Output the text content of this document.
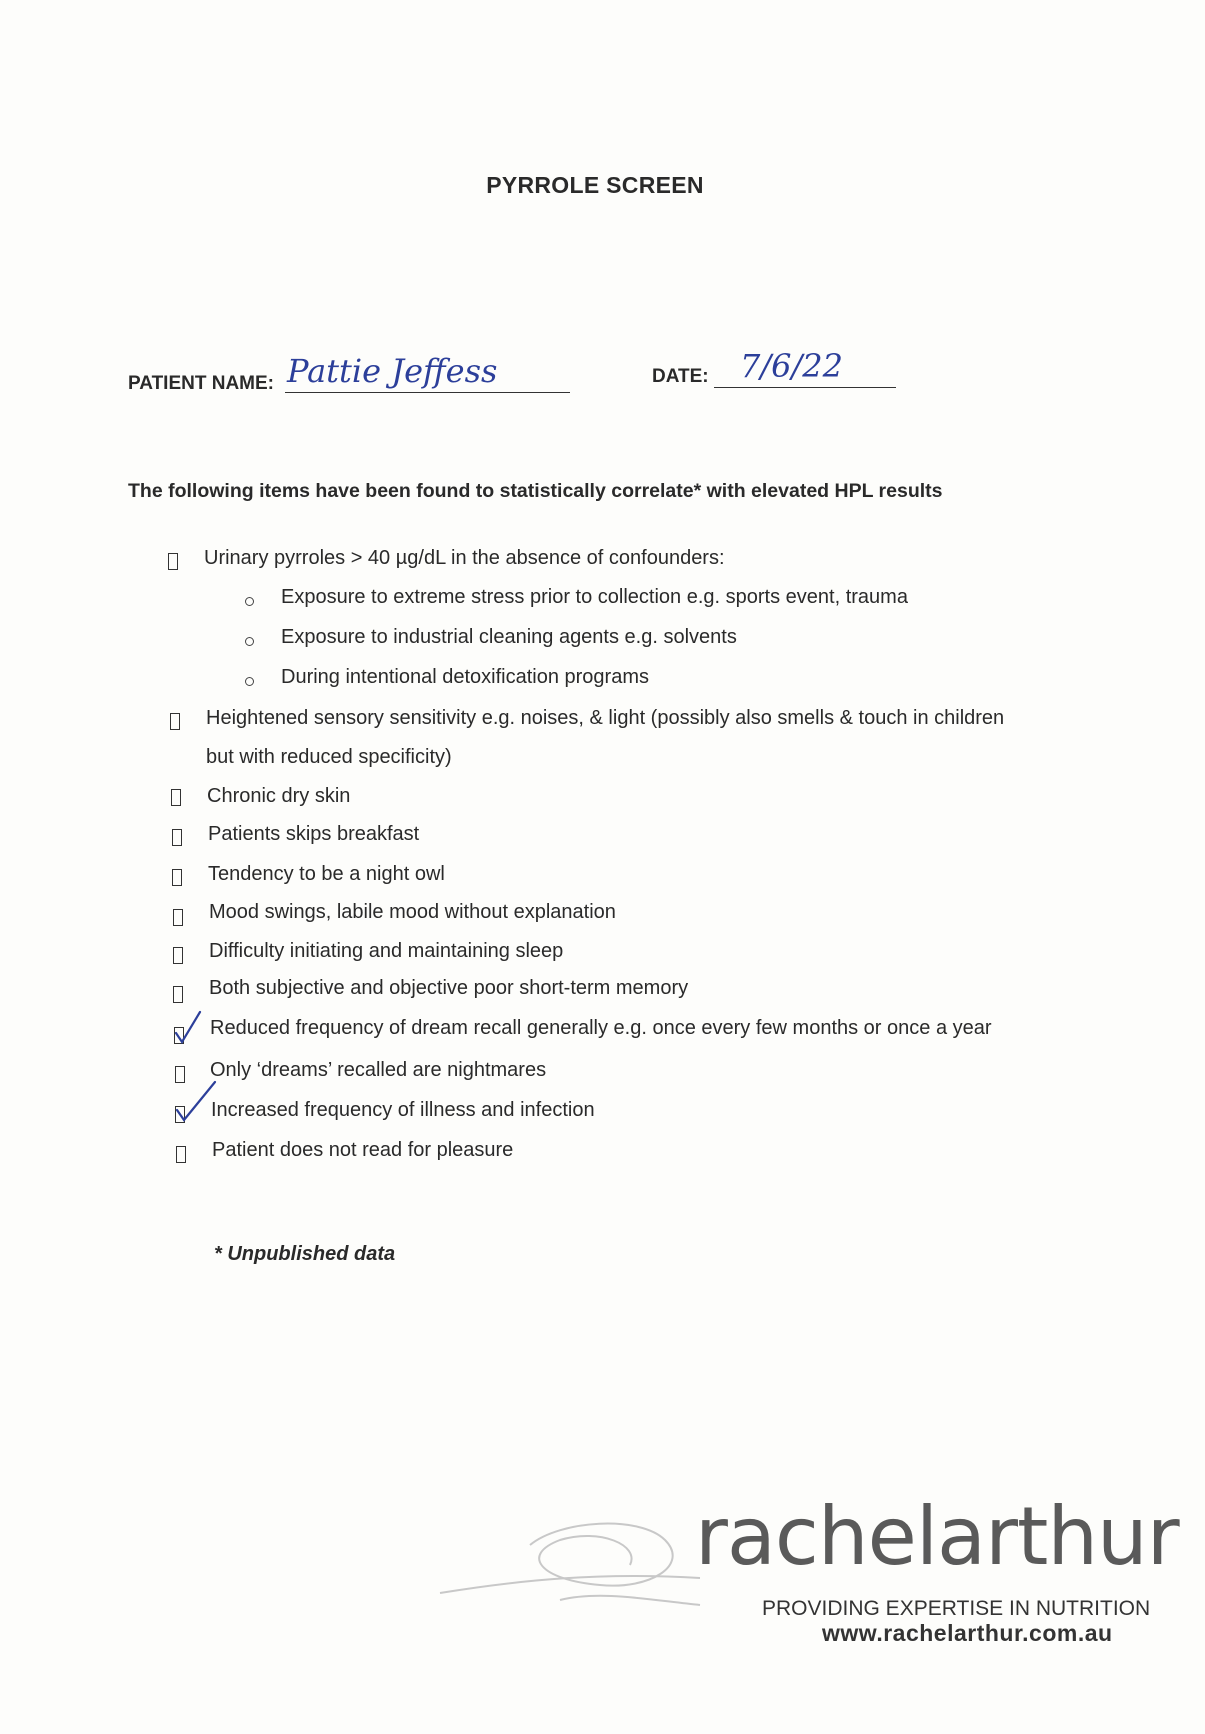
PYRROLE SCREEN
PATIENT NAME: Pattie Jeffess	DATE: 7/6/22
The following items have been found to statistically correlate* with elevated HPL results
Urinary pyrroles > 40 µg/dL in the absence of confounders:
Exposure to extreme stress prior to collection e.g. sports event, trauma
Exposure to industrial cleaning agents e.g. solvents
During intentional detoxification programs
Heightened sensory sensitivity e.g. noises, & light (possibly also smells & touch in children
but with reduced specificity)
Chronic dry skin
Patients skips breakfast
Tendency to be a night owl
Mood swings, labile mood without explanation
Difficulty initiating and maintaining sleep
Both subjective and objective poor short-term memory
Reduced frequency of dream recall generally e.g. once every few months or once a year
Only ‘dreams’ recalled are nightmares
Increased frequency of illness and infection
Patient does not read for pleasure
* Unpublished data
rachelarthur
PROVIDING EXPERTISE IN NUTRITION
www.rachelarthur.com.au
